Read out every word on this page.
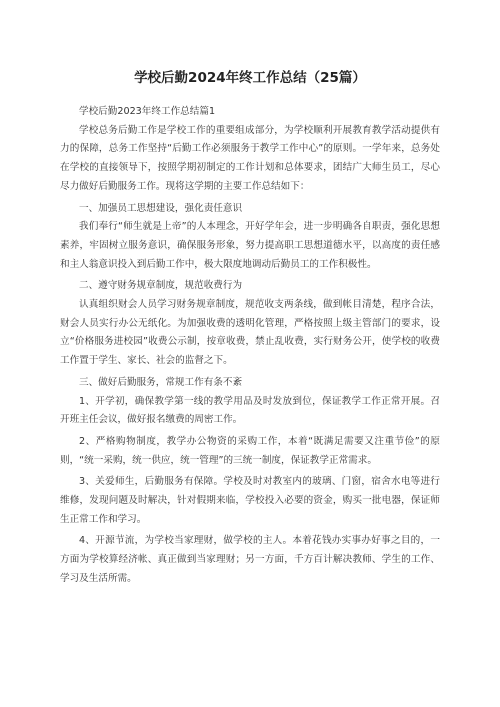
学校后勤2024年终工作总结（25篇）

学校后勤2023年终工作总结篇1

学校总务后勤工作是学校工作的重要组成部分，为学校顺利开展教育教学活动提供有力的保障，总务工作坚持“后勤工作必须服务于教学工作中心”的原则。一学年来，总务处在学校的直接领导下，按照学期初制定的工作计划和总体要求，团结广大师生员工，尽心尽力做好后勤服务工作。现将这学期的主要工作总结如下：

一、加强员工思想建设，强化责任意识

我们奉行“师生就是上帝”的人本理念，开好学年会，进一步明确各自职责，强化思想素养，牢固树立服务意识，确保服务形象，努力提高职工思想道德水平，以高度的责任感和主人翁意识投入到后勤工作中，极大限度地调动后勤员工的工作积极性。

二、遵守财务规章制度，规范收费行为

认真组织财会人员学习财务规章制度，规范收支两条线，做到帐目清楚，程序合法，财会人员实行办公无纸化。为加强收费的透明化管理，严格按照上级主管部门的要求，设立“价格服务进校园”收费公示制，按章收费，禁止乱收费，实行财务公开，使学校的收费工作置于学生、家长、社会的监督之下。

三、做好后勤服务，常规工作有条不紊

1、开学初，确保教学第一线的教学用品及时发放到位，保证教学工作正常开展。召开班主任会议，做好报名缴费的周密工作。

2、严格购物制度，教学办公物资的采购工作，本着“既满足需要又注重节俭”的原则，“统一采购，统一供应，统一管理”的三统一制度，保证教学正常需求。

3、关爱师生，后勤服务有保障。学校及时对教室内的玻璃、门窗，宿舍水电等进行维修，发现问题及时解决，针对假期来临，学校投入必要的资金，购买一批电器，保证师生正常工作和学习。

4、开源节流，为学校当家理财，做学校的主人。本着花钱办实事办好事之目的，一方面为学校算经济帐、真正做到当家理财；另一方面，千方百计解决教师、学生的工作、学习及生活所需。
